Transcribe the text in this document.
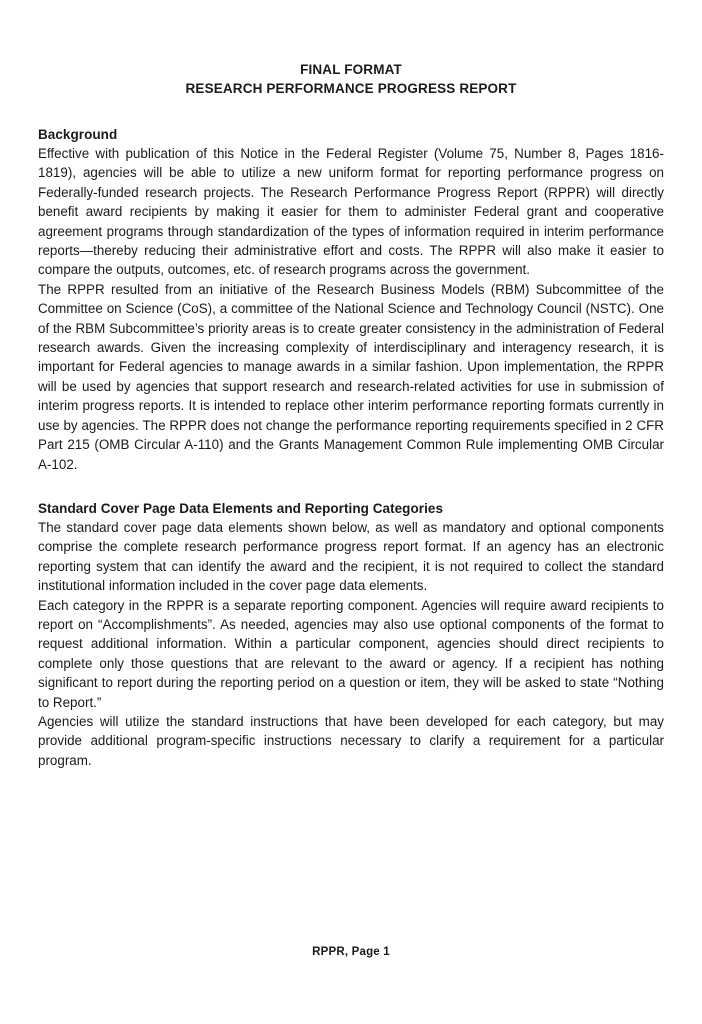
FINAL FORMAT
RESEARCH PERFORMANCE PROGRESS REPORT
Background

Effective with publication of this Notice in the Federal Register (Volume 75, Number 8, Pages 1816-1819), agencies will be able to utilize a new uniform format for reporting performance progress on Federally-funded research projects. The Research Performance Progress Report (RPPR) will directly benefit award recipients by making it easier for them to administer Federal grant and cooperative agreement programs through standardization of the types of information required in interim performance reports—thereby reducing their administrative effort and costs. The RPPR will also make it easier to compare the outputs, outcomes, etc. of research programs across the government.

The RPPR resulted from an initiative of the Research Business Models (RBM) Subcommittee of the Committee on Science (CoS), a committee of the National Science and Technology Council (NSTC). One of the RBM Subcommittee’s priority areas is to create greater consistency in the administration of Federal research awards. Given the increasing complexity of interdisciplinary and interagency research, it is important for Federal agencies to manage awards in a similar fashion. Upon implementation, the RPPR will be used by agencies that support research and research-related activities for use in submission of interim progress reports. It is intended to replace other interim performance reporting formats currently in use by agencies. The RPPR does not change the performance reporting requirements specified in 2 CFR Part 215 (OMB Circular A-110) and the Grants Management Common Rule implementing OMB Circular A-102.

Standard Cover Page Data Elements and Reporting Categories

The standard cover page data elements shown below, as well as mandatory and optional components comprise the complete research performance progress report format. If an agency has an electronic reporting system that can identify the award and the recipient, it is not required to collect the standard institutional information included in the cover page data elements.

Each category in the RPPR is a separate reporting component. Agencies will require award recipients to report on “Accomplishments”. As needed, agencies may also use optional components of the format to request additional information. Within a particular component, agencies should direct recipients to complete only those questions that are relevant to the award or agency. If a recipient has nothing significant to report during the reporting period on a question or item, they will be asked to state “Nothing to Report.”

Agencies will utilize the standard instructions that have been developed for each category, but may provide additional program-specific instructions necessary to clarify a requirement for a particular program.

RPPR, Page 1
